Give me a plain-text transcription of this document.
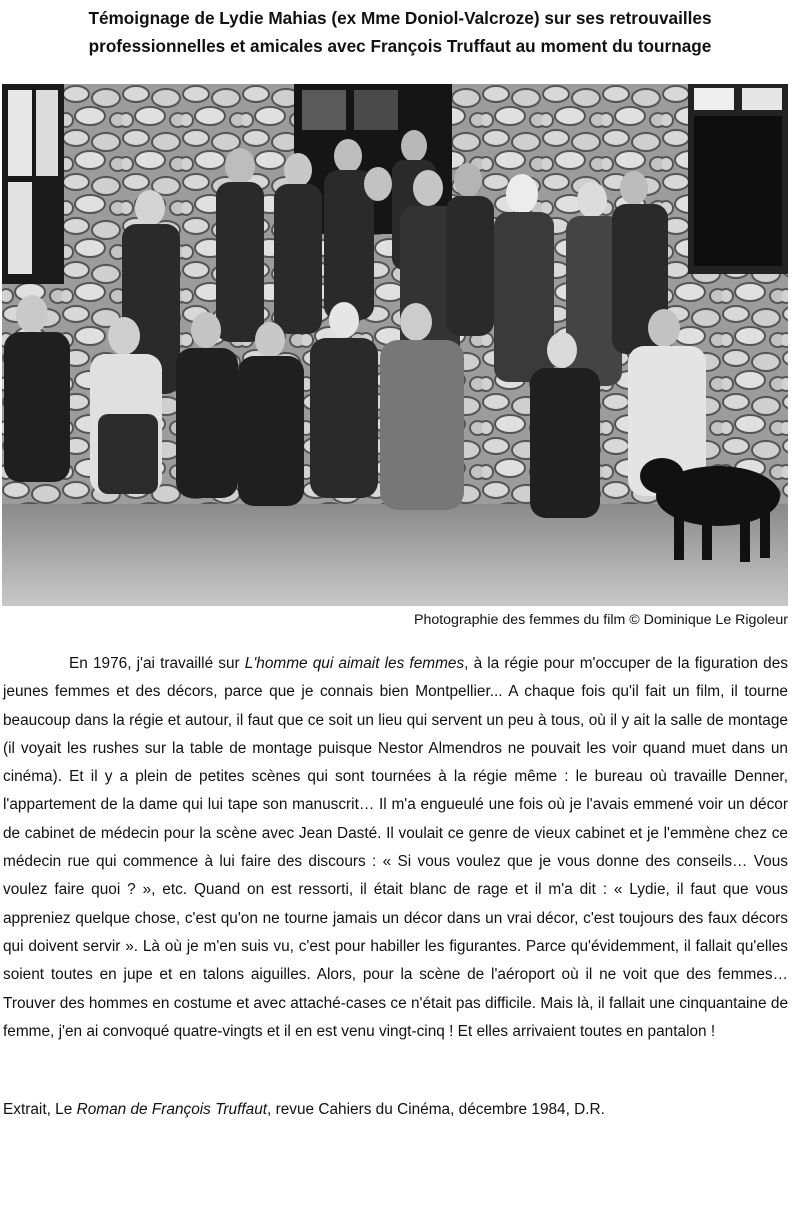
Témoignage de Lydie Mahias (ex Mme Doniol-Valcroze) sur ses retrouvailles
professionnelles et amicales avec François Truffaut au moment du tournage
Photographie des femmes du film © Dominique Le Rigoleur

En 1976, j'ai travaillé sur L'homme qui aimait les femmes, à la régie pour m'occuper de la figuration des jeunes femmes et des décors, parce que je connais bien Montpellier... A chaque fois qu'il fait un film, il tourne beaucoup dans la régie et autour, il faut que ce soit un lieu qui servent un peu à tous, où il y ait la salle de montage (il voyait les rushes sur la table de montage puisque Nestor Almendros ne pouvait les voir quand muet dans un cinéma). Et il y a plein de petites scènes qui sont tournées à la régie même : le bureau où travaille Denner, l'appartement de la dame qui lui tape son manuscrit… Il m'a engueulé une fois où je l'avais emmené voir un décor de cabinet de médecin pour la scène avec Jean Dasté. Il voulait ce genre de vieux cabinet et je l'emmène chez ce médecin rue qui commence à lui faire des discours : « Si vous voulez que je vous donne des conseils… Vous voulez faire quoi ? », etc. Quand on est ressorti, il était blanc de rage et il m'a dit : « Lydie, il faut que vous appreniez quelque chose, c'est qu'on ne tourne jamais un décor dans un vrai décor, c'est toujours des faux décors qui doivent servir ». Là où je m'en suis vu, c'est pour habiller les figurantes. Parce qu'évidemment, il fallait qu'elles soient toutes en jupe et en talons aiguilles. Alors, pour la scène de l'aéroport où il ne voit que des femmes… Trouver des hommes en costume et avec attaché-cases ce n'était pas difficile. Mais là, il fallait une cinquantaine de femme, j'en ai convoqué quatre-vingts et il en est venu vingt-cinq ! Et elles arrivaient toutes en pantalon !

Extrait, Le Roman de François Truffaut, revue Cahiers du Cinéma, décembre 1984, D.R.
